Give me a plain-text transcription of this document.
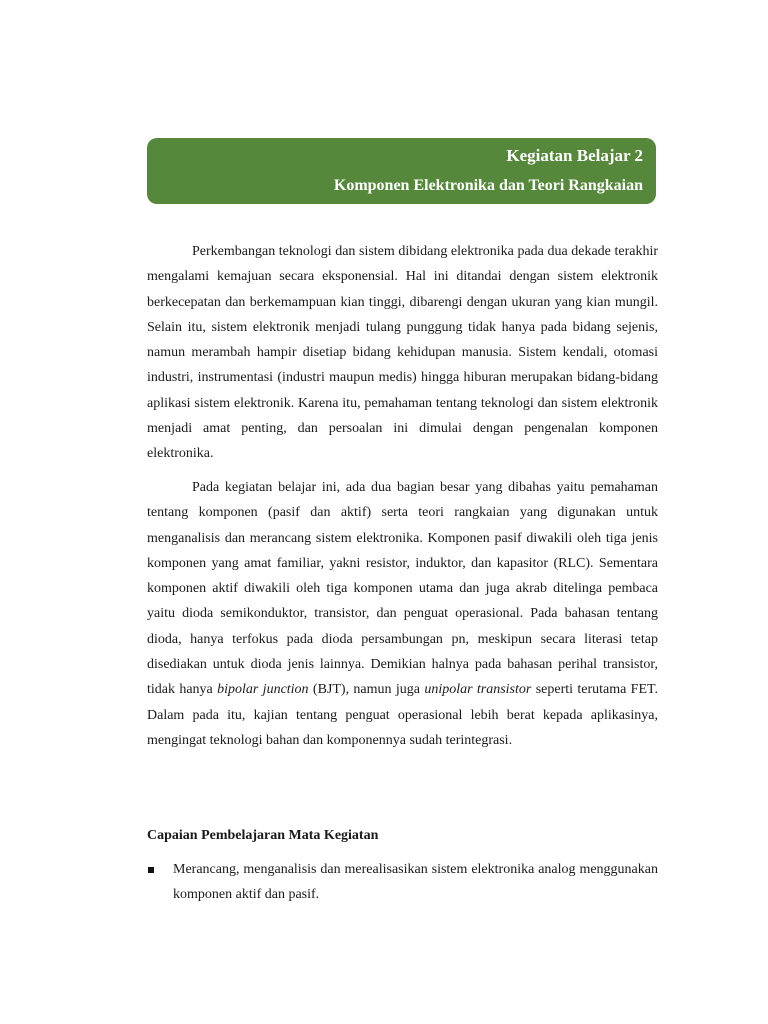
Kegiatan Belajar 2
Komponen Elektronika dan Teori Rangkaian

Perkembangan teknologi dan sistem dibidang elektronika pada dua dekade terakhir mengalami kemajuan secara eksponensial. Hal ini ditandai dengan sistem elektronik berkecepatan dan berkemampuan kian tinggi, dibarengi dengan ukuran yang kian mungil. Selain itu, sistem elektronik menjadi tulang punggung tidak hanya pada bidang sejenis, namun merambah hampir disetiap bidang kehidupan manusia. Sistem kendali, otomasi industri, instrumentasi (industri maupun medis) hingga hiburan merupakan bidang-bidang aplikasi sistem elektronik. Karena itu, pemahaman tentang teknologi dan sistem elektronik menjadi amat penting, dan persoalan ini dimulai dengan pengenalan komponen elektronika.

Pada kegiatan belajar ini, ada dua bagian besar yang dibahas yaitu pemahaman tentang komponen (pasif dan aktif) serta teori rangkaian yang digunakan untuk menganalisis dan merancang sistem elektronika. Komponen pasif diwakili oleh tiga jenis komponen yang amat familiar, yakni resistor, induktor, dan kapasitor (RLC). Sementara komponen aktif diwakili oleh tiga komponen utama dan juga akrab ditelinga pembaca yaitu dioda semikonduktor, transistor, dan penguat operasional. Pada bahasan tentang dioda, hanya terfokus pada dioda persambungan pn, meskipun secara literasi tetap disediakan untuk dioda jenis lainnya. Demikian halnya pada bahasan perihal transistor, tidak hanya bipolar junction (BJT), namun juga unipolar transistor seperti terutama FET. Dalam pada itu, kajian tentang penguat operasional lebih berat kepada aplikasinya, mengingat teknologi bahan dan komponennya sudah terintegrasi.

Capaian Pembelajaran Mata Kegiatan
Merancang, menganalisis dan merealisasikan sistem elektronika analog menggunakan komponen aktif dan pasif.
